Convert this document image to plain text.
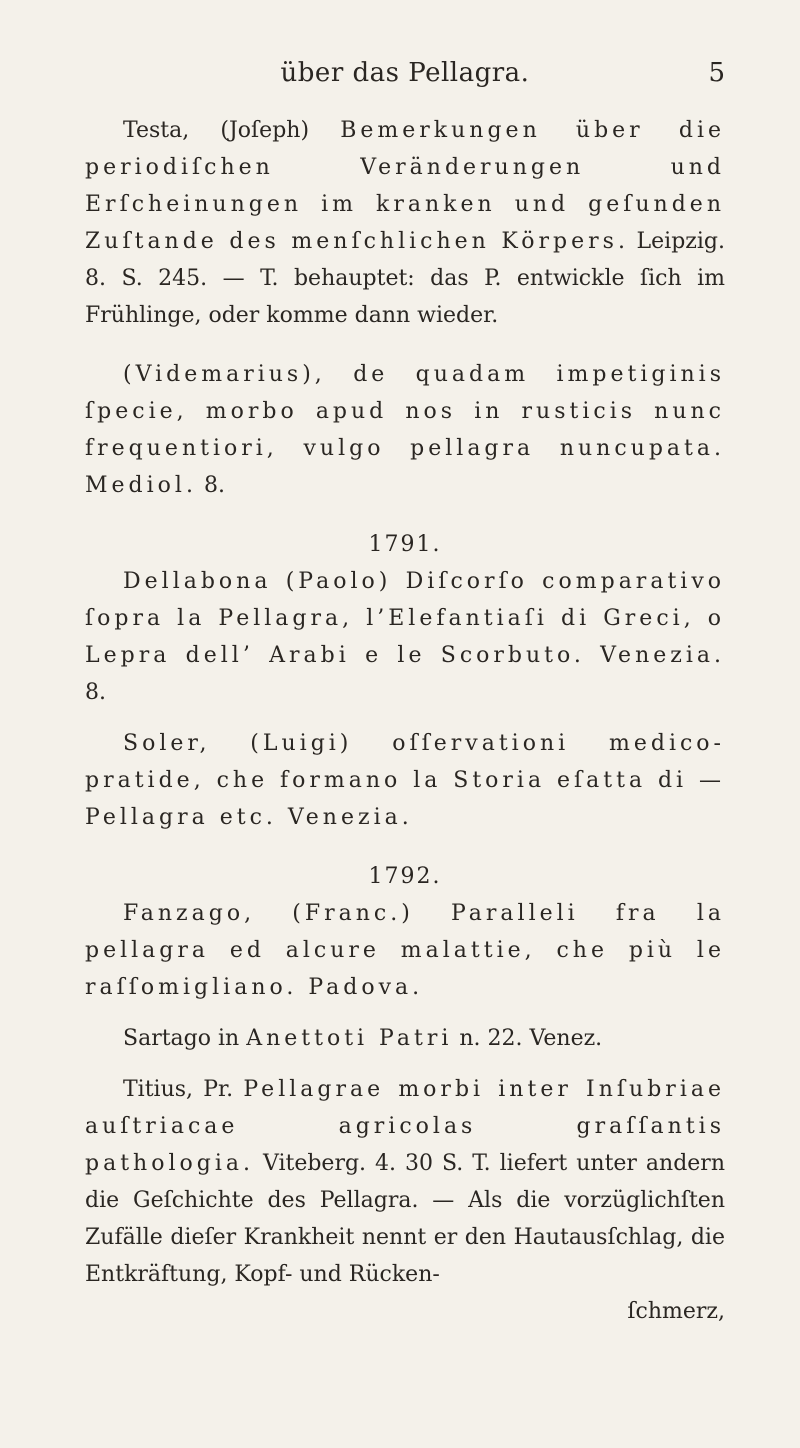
über das Pellagra.	5

Testa, (Joſeph) Bemerkungen über die periodiſchen Veränderungen und Erſcheinungen im kranken und geſunden Zuſtande des menſchlichen Körpers. Leipzig. 8. S. 245. — T. behauptet: das P. entwickle ſich im Frühlinge, oder komme dann wieder.

(Videmarius), de quadam impetiginis ſpecie, morbo apud nos in rusticis nunc frequentiori, vulgo pellagra nuncupata. Mediol. 8.

1791.

Dellabona (Paolo) Diſcorſo comparativo ſopra la Pellagra, l’Elefantiaſi di Greci, o Lepra dell’ Arabi e le Scorbuto. Venezia. 8.

Soler, (Luigi) oſſervationi medico-pratide, che formano la Storia eſatta di — Pellagra etc. Venezia.

1792.

Fanzago, (Franc.) Paralleli fra la pellagra ed alcure malattie, che più le raſſomigliano. Padova.

Sartago in Anettoti Patri n. 22. Venez.

Titius, Pr. Pellagrae morbi inter Inſubriae auſtriacae agricolas graſſantis pathologia. Viteberg. 4. 30 S. T. liefert unter andern die Geſchichte des Pellagra. — Als die vorzüglichſten Zufälle dieſer Krankheit nennt er den Hautausſchlag, die Entkräftung, Kopf- und Rücken-

ſchmerz,
